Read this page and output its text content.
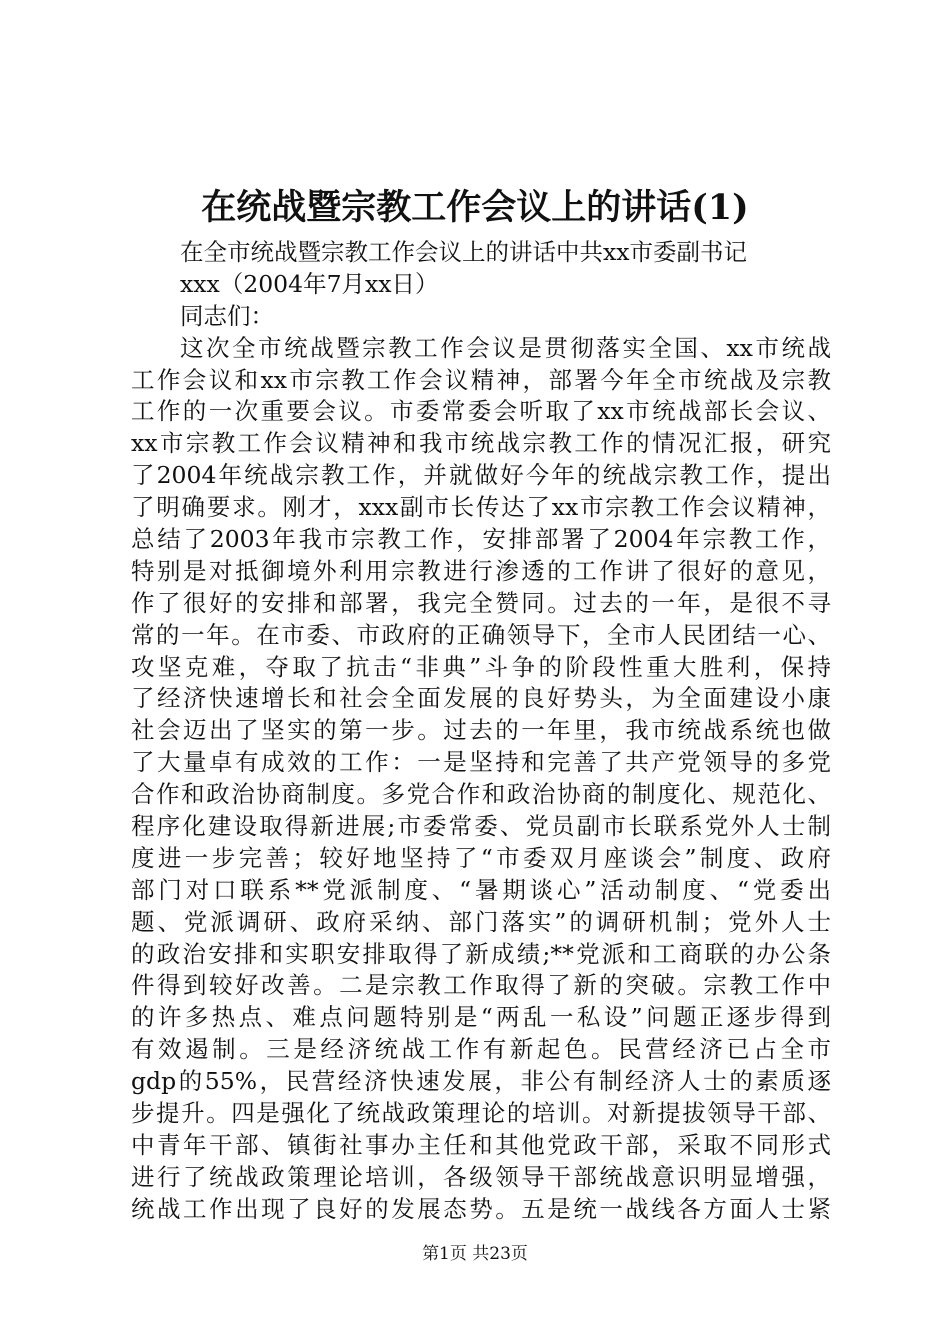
在统战暨宗教工作会议上的讲话(1)
在全市统战暨宗教工作会议上的讲话中共xx市委副书记
xxx（2004年7月xx日）
同志们：
这次全市统战暨宗教工作会议是贯彻落实全国、xx市统战
工作会议和xx市宗教工作会议精神，部署今年全市统战及宗教
工作的一次重要会议。市委常委会听取了xx市统战部长会议、
xx市宗教工作会议精神和我市统战宗教工作的情况汇报，研究
了2004年统战宗教工作，并就做好今年的统战宗教工作，提出
了明确要求。刚才，xxx副市长传达了xx市宗教工作会议精神，
总结了2003年我市宗教工作，安排部署了2004年宗教工作，
特别是对抵御境外利用宗教进行渗透的工作讲了很好的意见，
作了很好的安排和部署，我完全赞同。过去的一年，是很不寻
常的一年。在市委、市政府的正确领导下，全市人民团结一心、
攻坚克难，夺取了抗击“非典”斗争的阶段性重大胜利，保持
了经济快速增长和社会全面发展的良好势头，为全面建设小康
社会迈出了坚实的第一步。过去的一年里，我市统战系统也做
了大量卓有成效的工作：一是坚持和完善了共产党领导的多党
合作和政治协商制度。多党合作和政治协商的制度化、规范化、
程序化建设取得新进展;市委常委、党员副市长联系党外人士制
度进一步完善；较好地坚持了“市委双月座谈会”制度、政府
部门对口联系**党派制度、“暑期谈心”活动制度、“党委出
题、党派调研、政府采纳、部门落实”的调研机制；党外人士
的政治安排和实职安排取得了新成绩;**党派和工商联的办公条
件得到较好改善。二是宗教工作取得了新的突破。宗教工作中
的许多热点、难点问题特别是“两乱一私设”问题正逐步得到
有效遏制。三是经济统战工作有新起色。民营经济已占全市
gdp的55%，民营经济快速发展，非公有制经济人士的素质逐
步提升。四是强化了统战政策理论的培训。对新提拔领导干部、
中青年干部、镇街社事办主任和其他党政干部，采取不同形式
进行了统战政策理论培训，各级领导干部统战意识明显增强，
统战工作出现了良好的发展态势。五是统一战线各方面人士紧
第1页 共23页
